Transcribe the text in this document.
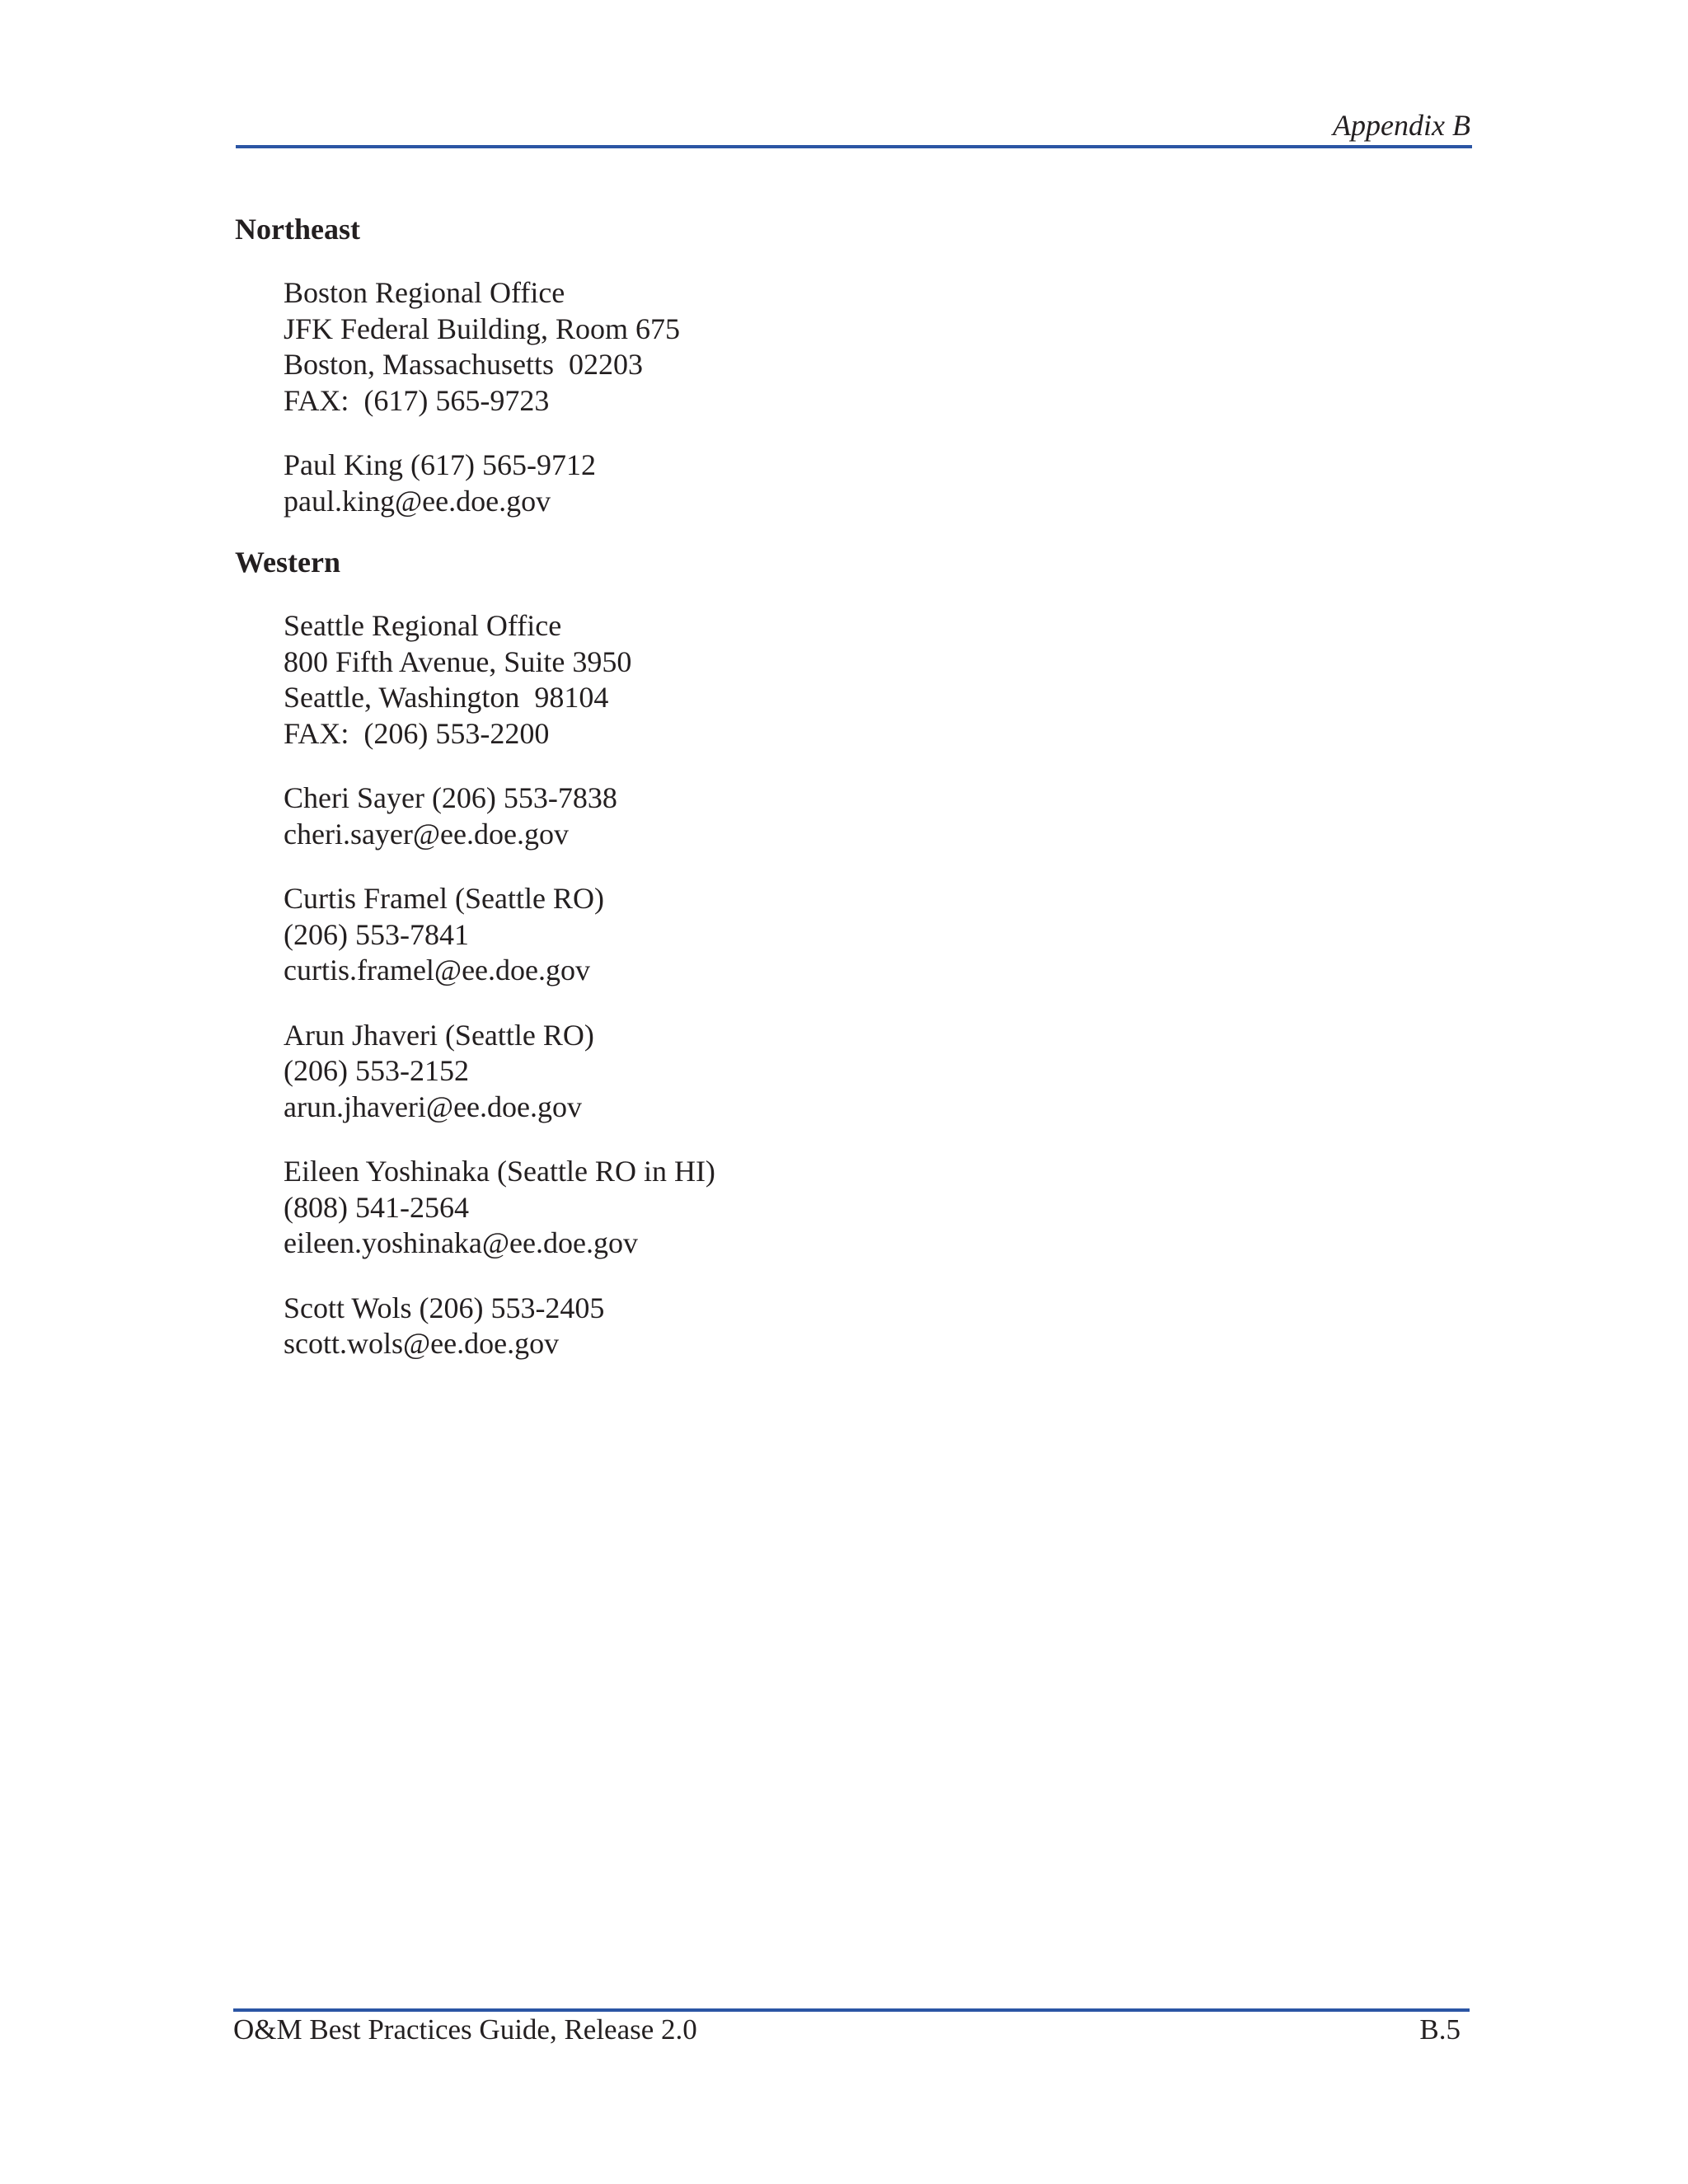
Appendix B
Northeast
Boston Regional Office
JFK Federal Building, Room 675
Boston, Massachusetts  02203
FAX:  (617) 565-9723
Paul King (617) 565-9712
paul.king@ee.doe.gov
Western
Seattle Regional Office
800 Fifth Avenue, Suite 3950
Seattle, Washington  98104
FAX:  (206) 553-2200
Cheri Sayer (206) 553-7838
cheri.sayer@ee.doe.gov
Curtis Framel (Seattle RO)
(206) 553-7841
curtis.framel@ee.doe.gov
Arun Jhaveri (Seattle RO)
(206) 553-2152
arun.jhaveri@ee.doe.gov
Eileen Yoshinaka (Seattle RO in HI)
(808) 541-2564
eileen.yoshinaka@ee.doe.gov
Scott Wols (206) 553-2405
scott.wols@ee.doe.gov
O&M Best Practices Guide, Release 2.0	B.5
